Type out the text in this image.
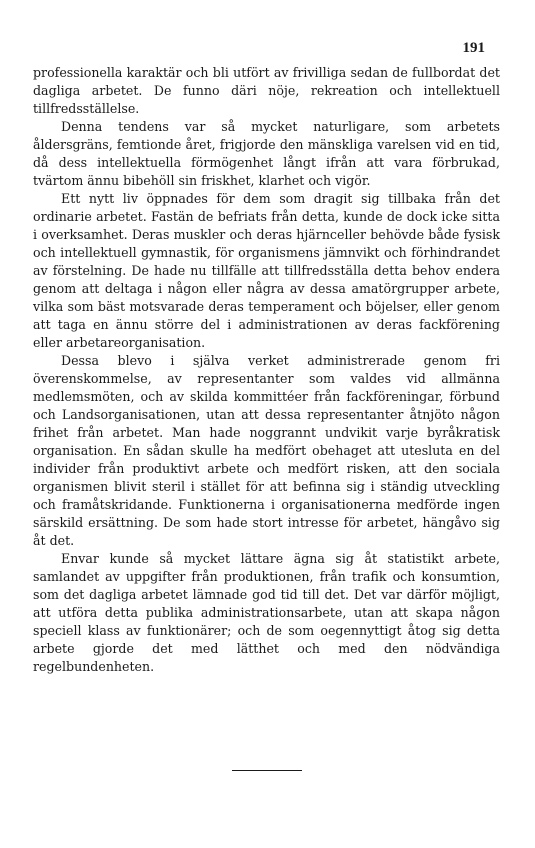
191

professionella karaktär och bli utfört av frivilliga sedan de fullbordat det dagliga arbetet. De funno däri nöje, rekreation och intellektuell tillfredsställelse.

Denna tendens var så mycket naturligare, som arbetets åldersgräns, femtionde året, frigjorde den mänskliga varelsen vid en tid, då dess intellektuella förmögenhet långt ifrån att vara förbrukad, tvärtom ännu bibehöll sin friskhet, klarhet och vigör.

Ett nytt liv öppnades för dem som dragit sig tillbaka från det ordinarie arbetet. Fastän de befriats från detta, kunde de dock icke sitta i overksamhet. Deras muskler och deras hjärnceller behövde både fysisk och intellektuell gymnastik, för organismens jämnvikt och förhindrandet av förstelning. De hade nu tillfälle att tillfredsställa detta behov endera genom att deltaga i någon eller några av dessa amatörgrupper arbete, vilka som bäst motsvarade deras temperament och böjelser, eller genom att taga en ännu större del i administrationen av deras fackförening eller arbetareorganisation.

Dessa blevo i själva verket administrerade genom fri överenskommelse, av representanter som valdes vid allmänna medlemsmöten, och av skilda kommittéer från fackföreningar, förbund och Landsorganisationen, utan att dessa representanter åtnjöto någon frihet från arbetet. Man hade noggrannt undvikit varje byråkratisk organisation. En sådan skulle ha medfört obehaget att utesluta en del individer från produktivt arbete och medfört risken, att den sociala organismen blivit steril i stället för att befinna sig i ständig utveckling och framåtskridande. Funktionerna i organisationerna medförde ingen särskild ersättning. De som hade stort intresse för arbetet, hängåvo sig åt det.

Envar kunde så mycket lättare ägna sig åt statistikt arbete, samlandet av uppgifter från produktionen, från trafik och konsumtion, som det dagliga arbetet lämnade god tid till det. Det var därför möjligt, att utföra detta publika administrationsarbete, utan att skapa någon speciell klass av funktionärer; och de som oegennyttigt åtog sig detta arbete gjorde det med lätthet och med den nödvändiga regelbundenheten.
